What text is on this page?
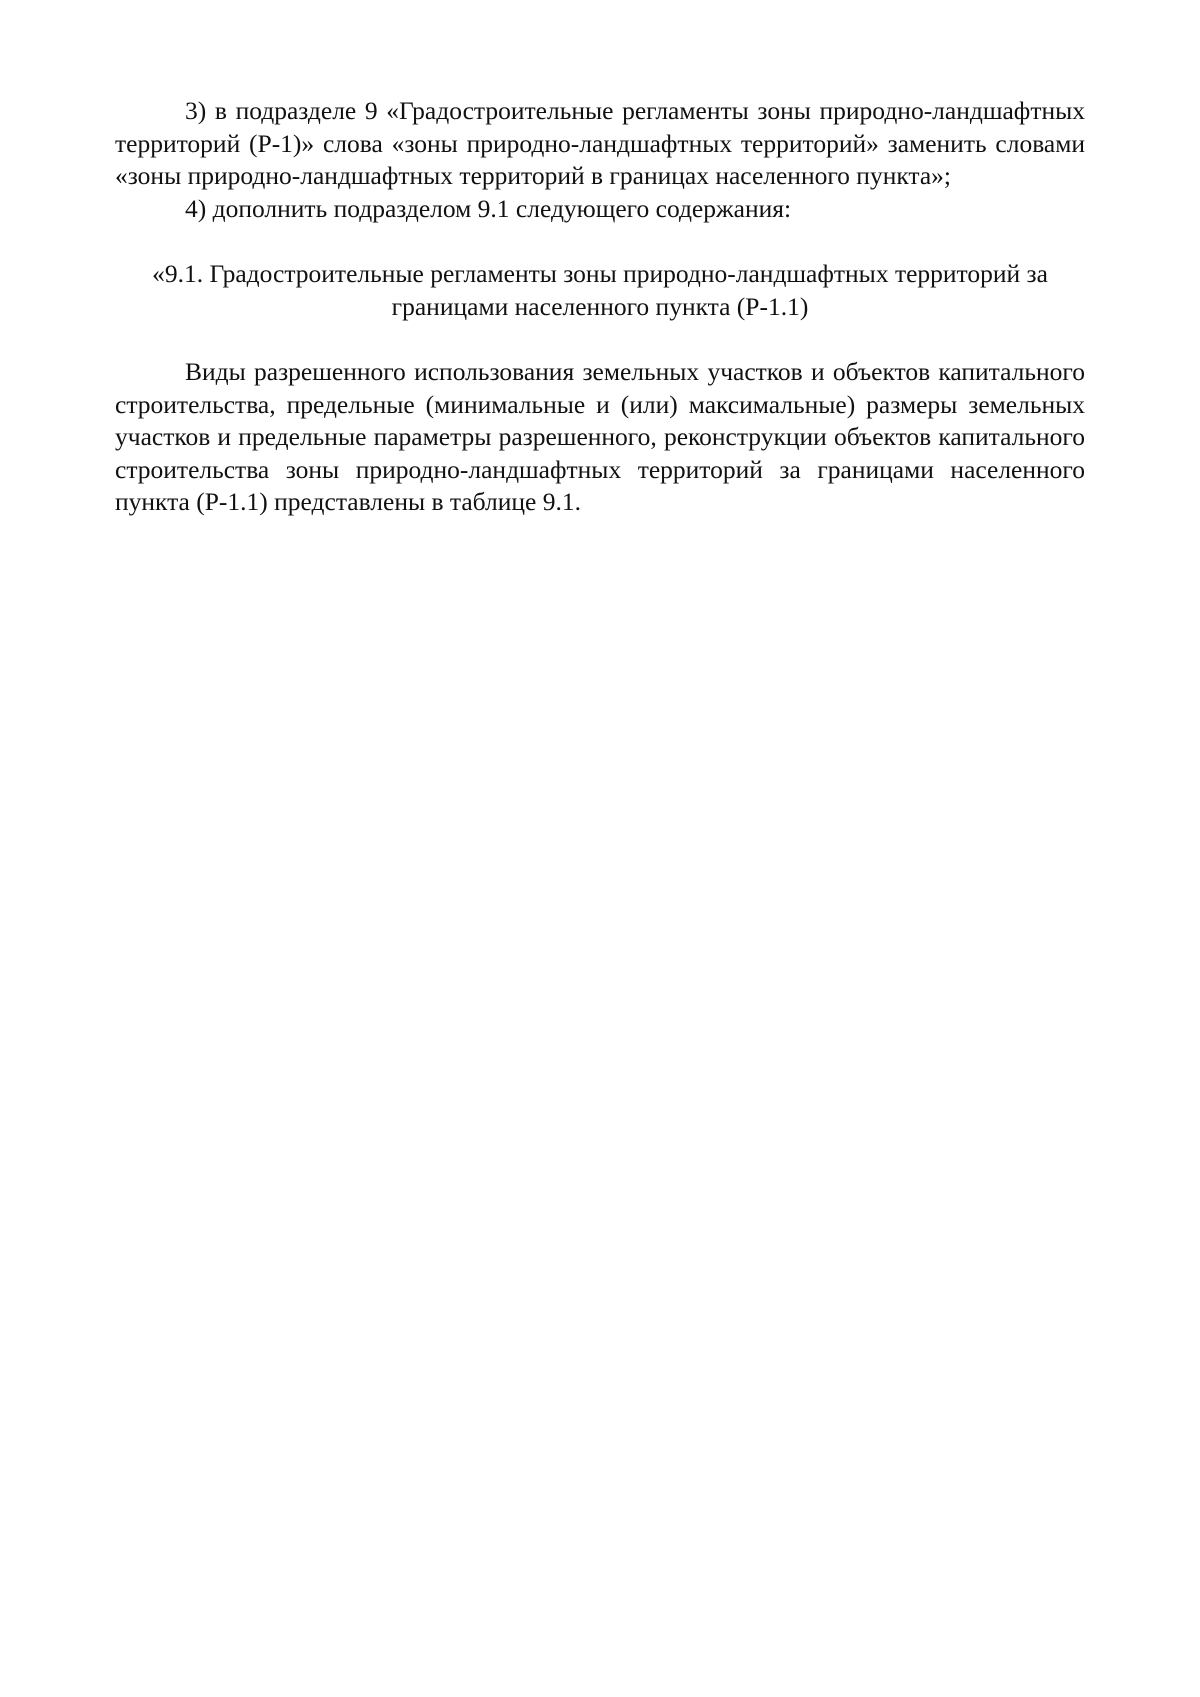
3) в подразделе 9 «Градостроительные регламенты зоны природно-ландшафтных территорий (Р-1)» слова «зоны природно-ландшафтных территорий» заменить словами «зоны природно-ландшафтных территорий в границах населенного пункта»;

4) дополнить подразделом 9.1 следующего содержания:

«9.1. Градостроительные регламенты зоны природно-ландшафтных территорий за границами населенного пункта (Р-1.1)

Виды разрешенного использования земельных участков и объектов капитального строительства, предельные (минимальные и (или) максимальные) размеры земельных участков и предельные параметры разрешенного, реконструкции объектов капитального строительства зоны природно-ландшафтных территорий за границами населенного пункта (Р-1.1) представлены в таблице 9.1.
